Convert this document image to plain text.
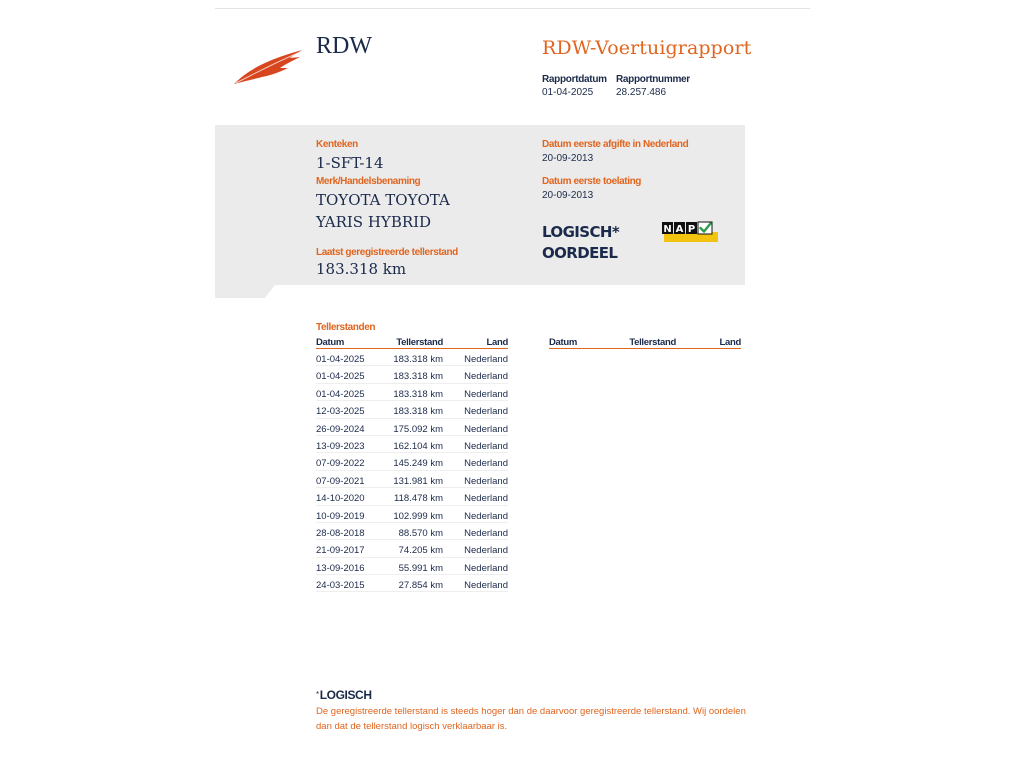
RDW	RDW-Voertuigrapport
Rapportdatum
01-04-2025
Rapportnummer
28.257.486
Kenteken
1-SFT-14
Merk/Handelsbenaming
TOYOTA TOYOTA
YARIS HYBRID
Laatst geregistreerde tellerstand
183.318 km
Datum eerste afgifte in Nederland
20-09-2013
Datum eerste toelating
20-09-2013
LOGISCH*
OORDEEL
N A P
Tellerstanden
Datum	Tellerstand	Land
01-04-2025	183.318 km Nederland
01-04-2025	183.318 km Nederland
01-04-2025	183.318 km Nederland
12-03-2025	183.318 km Nederland
26-09-2024	175.092 km Nederland
13-09-2023	162.104 km Nederland
07-09-2022	145.249 km Nederland
07-09-2021	131.981 km Nederland
14-10-2020	118.478 km Nederland
10-09-2019	102.999 km Nederland
28-08-2018	88.570 km Nederland
21-09-2017	74.205 km Nederland
13-09-2016	55.991 km Nederland
24-03-2015	27.854 km Nederland
Datum	Tellerstand	Land
*LOGISCH
De geregistreerde tellerstand is steeds hoger dan de daarvoor geregistreerde tellerstand. Wij oordelen dan dat de tellerstand logisch verklaarbaar is.
